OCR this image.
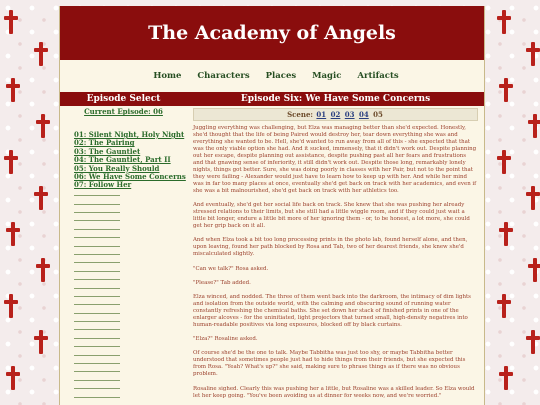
The Academy of Angels
Home Characters Places Magic Artifacts
Episode Select
Current Episode: 06
01: Silent Night, Holy Night
02: The Pairing
03: The Gauntlet
04: The Gauntlet, Part II
05: You Really Should
06: We Have Some Concerns
07: Follow Her
Episode Six: We Have Some Concerns
Scene: 01 02 03 04 05

Juggling everything was challenging, but Elza was managing better than she'd expected. Honestly, she'd thought that the life of being Paired would destroy her, tear down everything she was and everything she wanted to be. Hell, she'd wanted to run away from all of this - she expected that that was the only viable option she had. And it sucked, immensely, that it didn't work out. Despite planning out her escape, despite planning out assistance, despite pushing past all her fears and frustrations and that gnawing sense of inferiority, it still didn't work out. Despite those long, remarkably lonely nights, things got better. Sure, she was doing poorly in classes with her Pair, but not to the point that they were failing - Alexander would just have to learn how to keep up with her. And while her mind was in far too many places at once, eventually she'd get back on track with her academics, and even if she was a bit malnourished, she'd get back on track with her athletics too.

And eventually, she'd get her social life back on track. She knew that she was pushing her already stressed relations to their limits, but she still had a little wiggle room, and if they could just wait a little bit longer, endure a little bit more of her ignoring them - or, to be honest, a lot more, she could get her grip back on it all.

And when Elza took a bit too long processing prints in the photo lab, found herself alone, and then, upon leaving, found her path blocked by Rosa and Tab, two of her dearest friends, she knew she'd miscalculated slightly.

"Can we talk?" Rosa asked.

"Please?" Tab added.

Elza winced, and nodded. The three of them went back into the darkroom, the intimacy of dim lights and isolation from the outside world, with the calming and obscuring sound of running water constantly refreshing the chemical baths. She set down her stack of finished prints in one of the enlarger alcoves - for the uninitiated, light projectors that turned small, high-density negatives into human-readable positives via long exposures, blocked off by black curtains.

"Elza?" Rosaline asked.

Of course she'd be the one to talk. Maybe Tabbitha was just too shy, or maybe Tabbitha better understood that sometimes people just had to hide things from their friends, but she expected this from Rosa. "Yeah? What's up?" she said, making sure to phrase things as if there was no obvious problem.

Rosaline sighed. Clearly this was pushing her a little, but Rosaline was a skilled leader. So Elza would let her keep going. "You've been avoiding us at dinner for weeks now, and we're worried."
